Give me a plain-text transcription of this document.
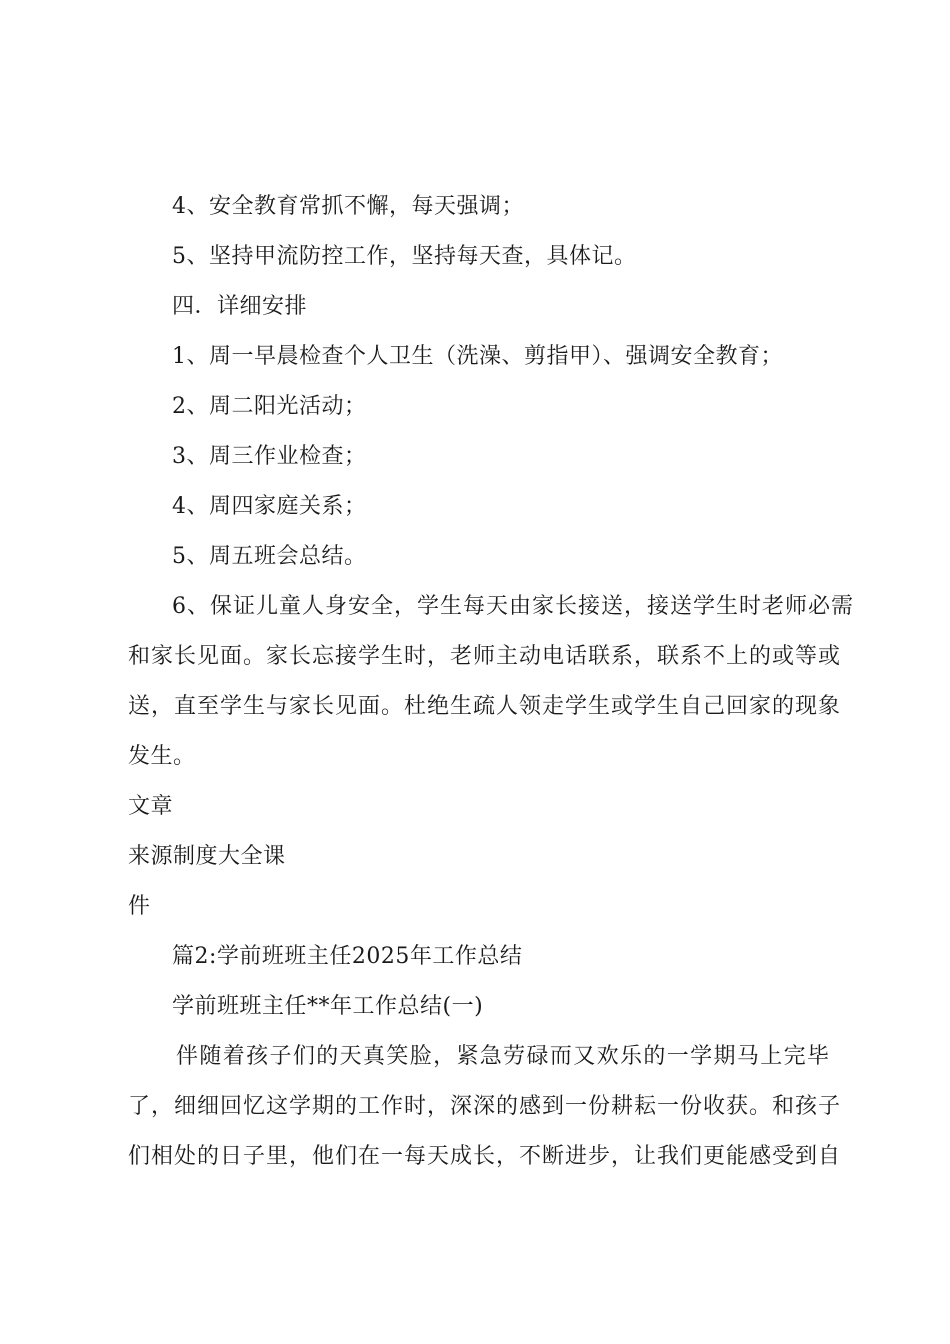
4、安全教育常抓不懈，每天强调；
5、坚持甲流防控工作，坚持每天查，具体记。
四．详细安排
1、周一早晨检查个人卫生（洗澡、剪指甲）、强调安全教育；
2、周二阳光活动；
3、周三作业检查；
4、周四家庭关系；
5、周五班会总结。
6、保证儿童人身安全，学生每天由家长接送，接送学生时老师必需
和家长见面。家长忘接学生时，老师主动电话联系，联系不上的或等或
送，直至学生与家长见面。杜绝生疏人领走学生或学生自己回家的现象
发生。
文章
来源制度大全课
件
篇2:学前班班主任2025年工作总结
学前班班主任**年工作总结(一)
伴随着孩子们的天真笑脸，紧急劳碌而又欢乐的一学期马上完毕
了，细细回忆这学期的工作时，深深的感到一份耕耘一份收获。和孩子
们相处的日子里，他们在一每天成长，不断进步，让我们更能感受到自
